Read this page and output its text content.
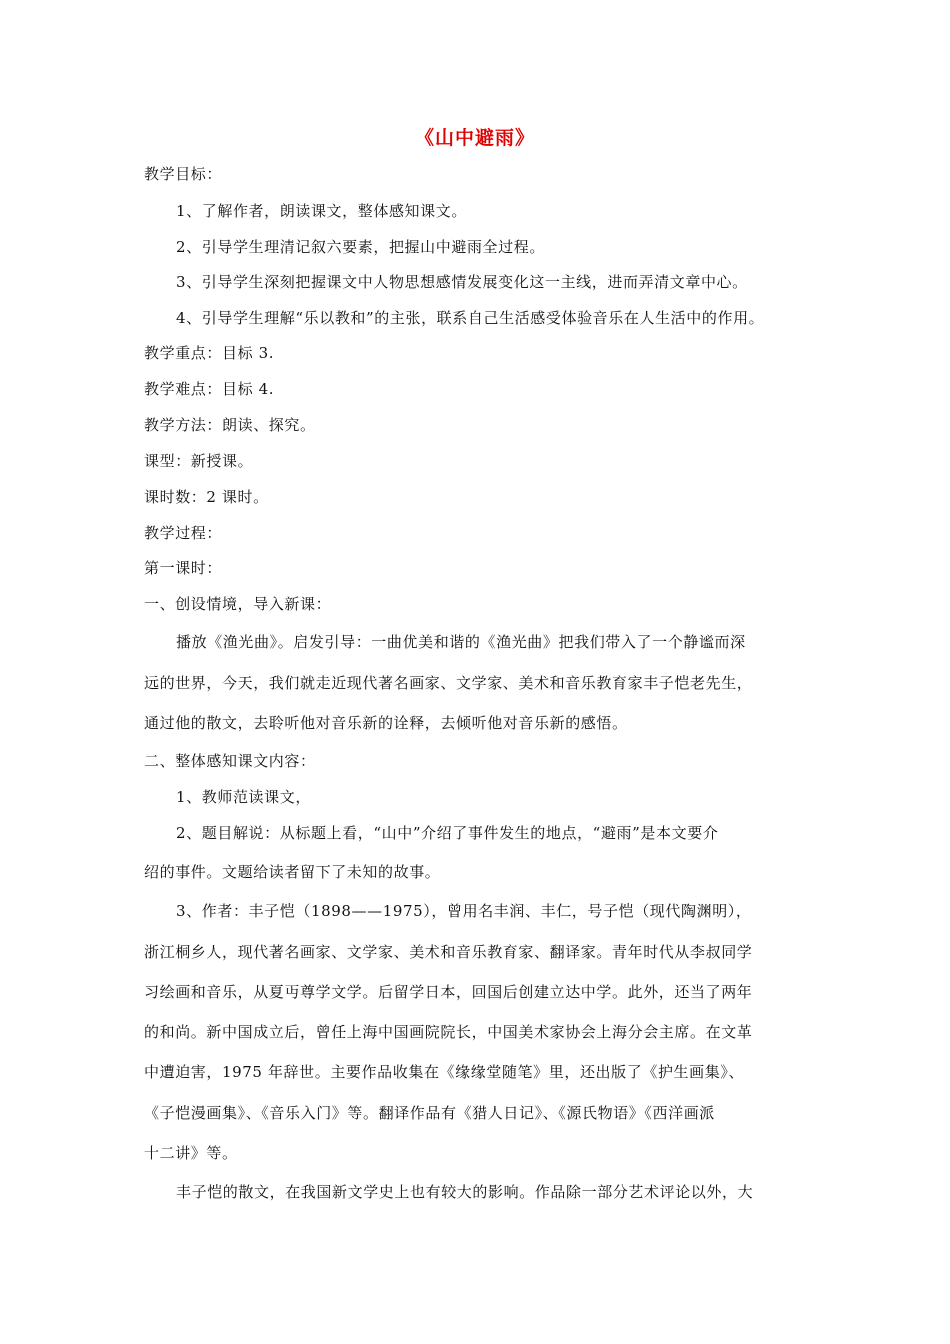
《山中避雨》
教学目标：
1、了解作者，朗读课文，整体感知课文。
2、引导学生理清记叙六要素，把握山中避雨全过程。
3、引导学生深刻把握课文中人物思想感情发展变化这一主线，进而弄清文章中心。
4、引导学生理解“乐以教和”的主张，联系自己生活感受体验音乐在人生活中的作用。
教学重点：目标 3.
教学难点：目标 4.
教学方法：朗读、探究。
课型：新授课。
课时数：2 课时。
教学过程：
第一课时：
一、创设情境，导入新课：
播放《渔光曲》。启发引导：一曲优美和谐的《渔光曲》把我们带入了一个静谧而深
远的世界，今天，我们就走近现代著名画家、文学家、美术和音乐教育家丰子恺老先生，
通过他的散文，去聆听他对音乐新的诠释，去倾听他对音乐新的感悟。
二、整体感知课文内容：
1、教师范读课文，
2、题目解说：从标题上看，“山中”介绍了事件发生的地点，“避雨”是本文要介
绍的事件。文题给读者留下了未知的故事。
3、作者：丰子恺（1898——1975），曾用名丰润、丰仁，号子恺（现代陶渊明），
浙江桐乡人，现代著名画家、文学家、美术和音乐教育家、翻译家。青年时代从李叔同学
习绘画和音乐，从夏丏尊学文学。后留学日本，回国后创建立达中学。此外，还当了两年
的和尚。新中国成立后，曾任上海中国画院院长，中国美术家协会上海分会主席。在文革
中遭迫害，1975 年辞世。主要作品收集在《缘缘堂随笔》里，还出版了《护生画集》、
《子恺漫画集》、《音乐入门》等。翻译作品有《猎人日记》、《源氏物语》《西洋画派
十二讲》等。
丰子恺的散文，在我国新文学史上也有较大的影响。作品除一部分艺术评论以外，大
